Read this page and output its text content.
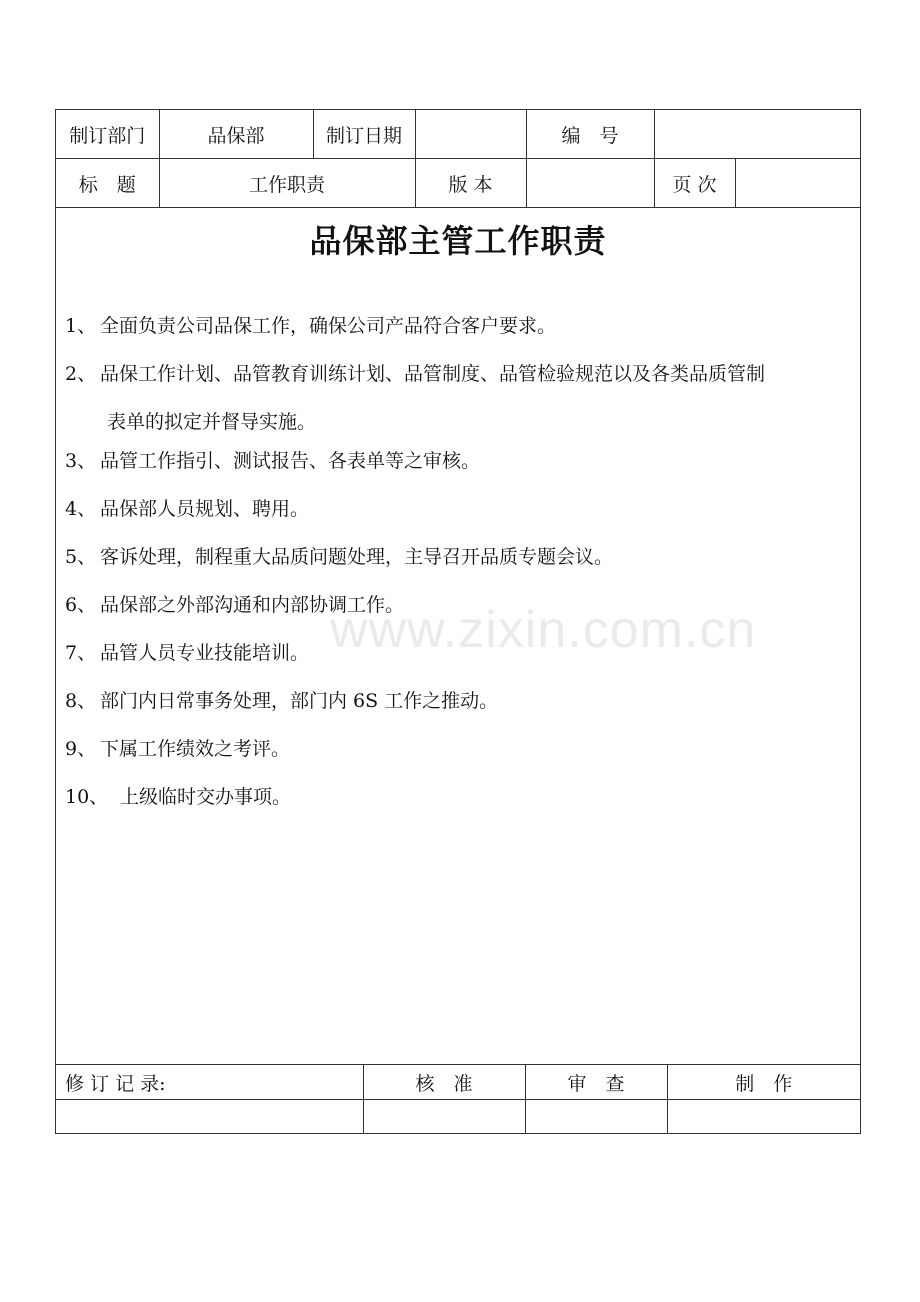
制订部门	品保部	制订日期		编　号		
标　题	工作职责		版 本		页 次	
品保部主管工作职责
1、 全面负责公司品保工作，确保公司产品符合客户要求。
2、 品保工作计划、品管教育训练计划、品管制度、品管检验规范以及各类品质管制
表单的拟定并督导实施。
3、 品管工作指引、测试报告、各表单等之审核。
4、 品保部人员规划、聘用。
5、 客诉处理，制程重大品质问题处理，主导召开品质专题会议。
6、 品保部之外部沟通和内部协调工作。
7、 品管人员专业技能培训。
8、 部门内日常事务处理，部门内 6S 工作之推动。
9、 下属工作绩效之考评。
10、 上级临时交办事项。
修 订 记 录:	核　准	审　查	制　作

www.zixin.com.cn
